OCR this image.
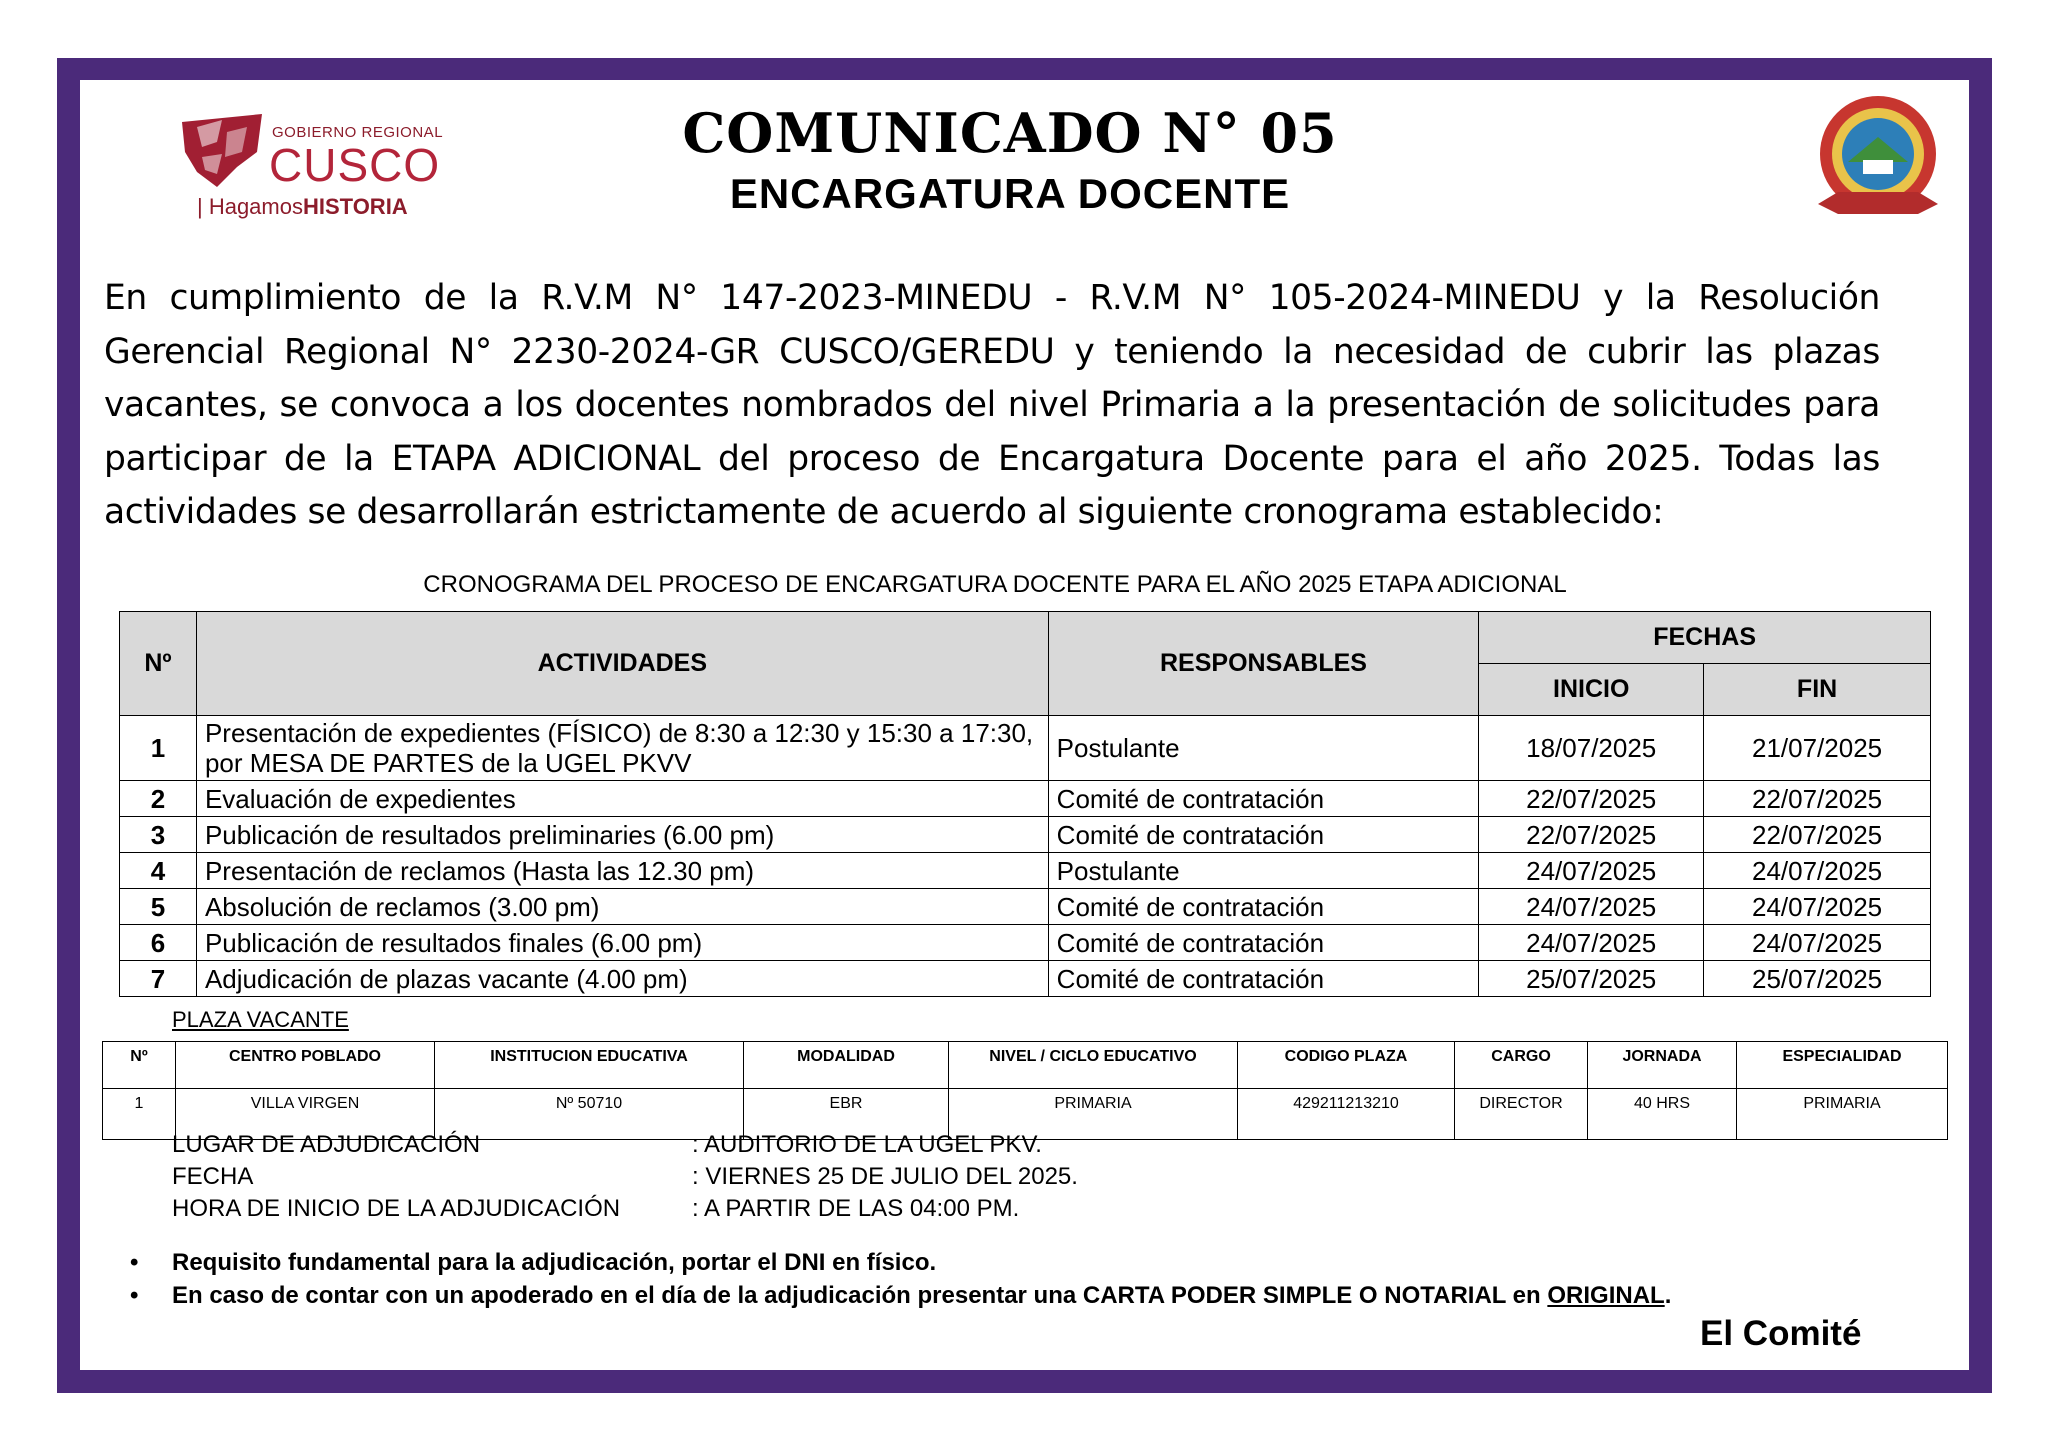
GOBIERNO REGIONAL
CUSCO
| HagamosHISTORIA
COMUNICADO N° 05
ENCARGATURA DOCENTE
En cumplimiento de la R.V.M N° 147-2023-MINEDU - R.V.M N° 105-2024-MINEDU y la Resolución Gerencial Regional N° 2230-2024-GR CUSCO/GEREDU y teniendo la necesidad de cubrir las plazas vacantes, se convoca a los docentes nombrados del nivel Primaria a la presentación de solicitudes para participar de la ETAPA ADICIONAL del proceso de Encargatura Docente para el año 2025. Todas las actividades se desarrollarán estrictamente de acuerdo al siguiente cronograma establecido:
CRONOGRAMA DEL PROCESO DE ENCARGATURA DOCENTE PARA EL AÑO 2025 ETAPA ADICIONAL
Nº	ACTIVIDADES	RESPONSABLES	FECHAS	
			INICIO	FIN
1	Presentación de expedientes (FÍSICO) de 8:30 a 12:30 y 15:30 a 17:30, por MESA DE PARTES de la UGEL PKVV	Postulante	18/07/2025	21/07/2025
2	Evaluación de expedientes	Comité de contratación	22/07/2025	22/07/2025
3	Publicación de resultados preliminaries (6.00 pm)	Comité de contratación	22/07/2025	22/07/2025
4	Presentación de reclamos (Hasta las 12.30 pm)	Postulante	24/07/2025	24/07/2025
5	Absolución de reclamos (3.00 pm)	Comité de contratación	24/07/2025	24/07/2025
6	Publicación de resultados finales (6.00 pm)	Comité de contratación	24/07/2025	24/07/2025
7	Adjudicación de plazas vacante (4.00 pm)	Comité de contratación	25/07/2025	25/07/2025
PLAZA VACANTE
Nº	CENTRO POBLADO	INSTITUCION EDUCATIVA	MODALIDAD	NIVEL / CICLO EDUCATIVO	CODIGO PLAZA	CARGO	JORNADA	ESPECIALIDAD
1	VILLA VIRGEN	Nº 50710	EBR	PRIMARIA	429211213210	DIRECTOR	40 HRS	PRIMARIA
LUGAR DE ADJUDICACIÓN	: AUDITORIO DE LA UGEL PKV.
FECHA	: VIERNES 25 DE JULIO DEL 2025.
HORA DE INICIO DE LA ADJUDICACIÓN	: A PARTIR DE LAS 04:00 PM.
•	Requisito fundamental para la adjudicación, portar el DNI en físico.
•	En caso de contar con un apoderado en el día de la adjudicación presentar una CARTA PODER SIMPLE O NOTARIAL en ORIGINAL.
El Comité
